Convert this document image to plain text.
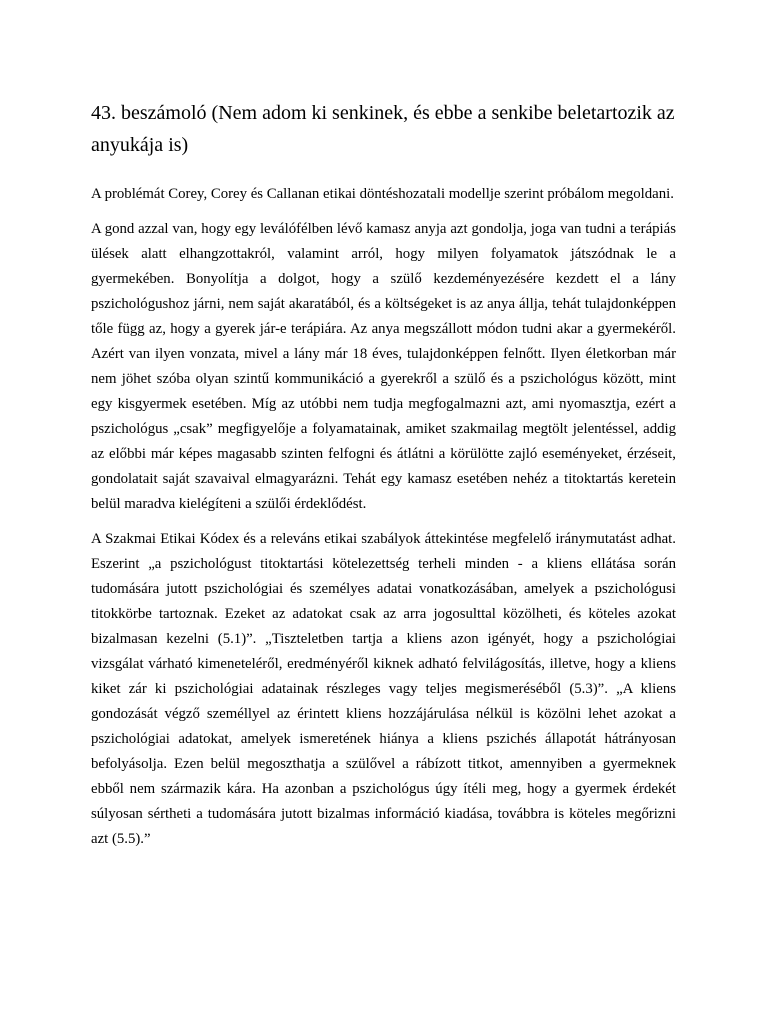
43. beszámoló (Nem adom ki senkinek, és ebbe a senkibe beletartozik az anyukája is)

A problémát Corey, Corey és Callanan etikai döntéshozatali modellje szerint próbálom megoldani.

A gond azzal van, hogy egy leválófélben lévő kamasz anyja azt gondolja, joga van tudni a terápiás ülések alatt elhangzottakról, valamint arról, hogy milyen folyamatok játszódnak le a gyermekében. Bonyolítja a dolgot, hogy a szülő kezdeményezésére kezdett el a lány pszichológushoz járni, nem saját akaratából, és a költségeket is az anya állja, tehát tulajdonképpen tőle függ az, hogy a gyerek jár-e terápiára. Az anya megszállott módon tudni akar a gyermekéről. Azért van ilyen vonzata, mivel a lány már 18 éves, tulajdonképpen felnőtt. Ilyen életkorban már nem jöhet szóba olyan szintű kommunikáció a gyerekről a szülő és a pszichológus között, mint egy kisgyermek esetében. Míg az utóbbi nem tudja megfogalmazni azt, ami nyomasztja, ezért a pszichológus „csak” megfigyelője a folyamatainak, amiket szakmailag megtölt jelentéssel, addig az előbbi már képes magasabb szinten felfogni és átlátni a körülötte zajló eseményeket, érzéseit, gondolatait saját szavaival elmagyarázni. Tehát egy kamasz esetében nehéz a titoktartás keretein belül maradva kielégíteni a szülői érdeklődést.

A Szakmai Etikai Kódex és a releváns etikai szabályok áttekintése megfelelő iránymutatást adhat. Eszerint „a pszichológust titoktartási kötelezettség terheli minden - a kliens ellátása során tudomására jutott pszichológiai és személyes adatai vonatkozásában, amelyek a pszichológusi titokkörbe tartoznak. Ezeket az adatokat csak az arra jogosulttal közölheti, és köteles azokat bizalmasan kezelni (5.1)”. „Tiszteletben tartja a kliens azon igényét, hogy a pszichológiai vizsgálat várható kimeneteléről, eredményéről kiknek adható felvilágosítás, illetve, hogy a kliens kiket zár ki pszichológiai adatainak részleges vagy teljes megismeréséből (5.3)”. „A kliens gondozását végző személlyel az érintett kliens hozzájárulása nélkül is közölni lehet azokat a pszichológiai adatokat, amelyek ismeretének hiánya a kliens pszichés állapotát hátrányosan befolyásolja. Ezen belül megoszthatja a szülővel a rábízott titkot, amennyiben a gyermeknek ebből nem származik kára. Ha azonban a pszichológus úgy ítéli meg, hogy a gyermek érdekét súlyosan sértheti a tudomására jutott bizalmas információ kiadása, továbbra is köteles megőrizni azt (5.5).”
